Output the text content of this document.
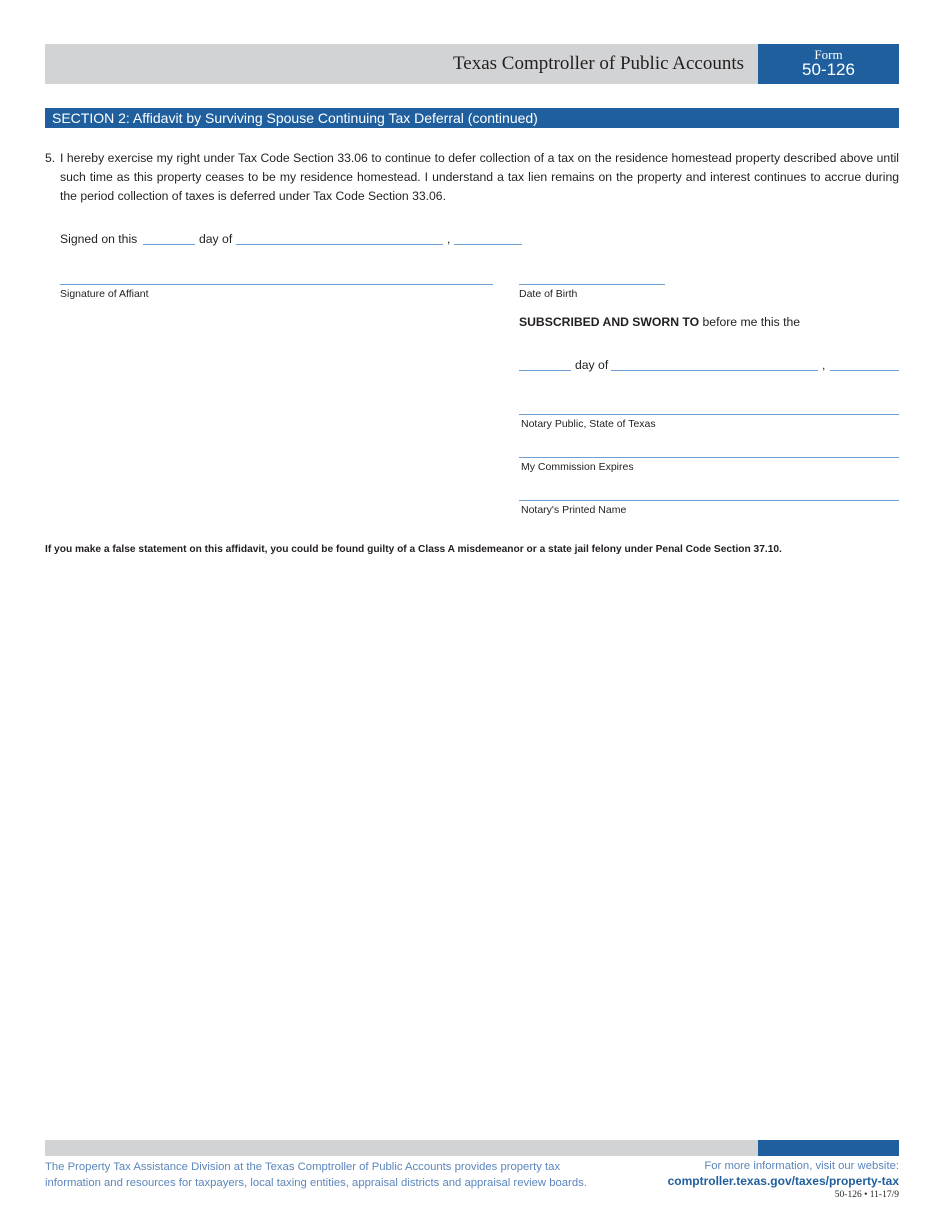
Texas Comptroller of Public Accounts	Form
50-126
SECTION 2: Affidavit by Surviving Spouse Continuing Tax Deferral (continued)
5. I hereby exercise my right under Tax Code Section 33.06 to continue to defer collection of a tax on the residence homestead property described above until such time as this property ceases to be my residence homestead. I understand a tax lien remains on the property and interest continues to accrue during the period collection of taxes is deferred under Tax Code Section 33.06.
Signed on this	day of	,
Signature of Affiant	Date of Birth
SUBSCRIBED AND SWORN TO before me this the
day of	,
Notary Public, State of Texas
My Commission Expires
Notary's Printed Name
If you make a false statement on this affidavit, you could be found guilty of a Class A misdemeanor or a state jail felony under Penal Code Section 37.10.
The Property Tax Assistance Division at the Texas Comptroller of Public Accounts provides property tax information and resources for taxpayers, local taxing entities, appraisal districts and appraisal review boards.
For more information, visit our website:
comptroller.texas.gov/taxes/property-tax
50-126 • 11-17/9
